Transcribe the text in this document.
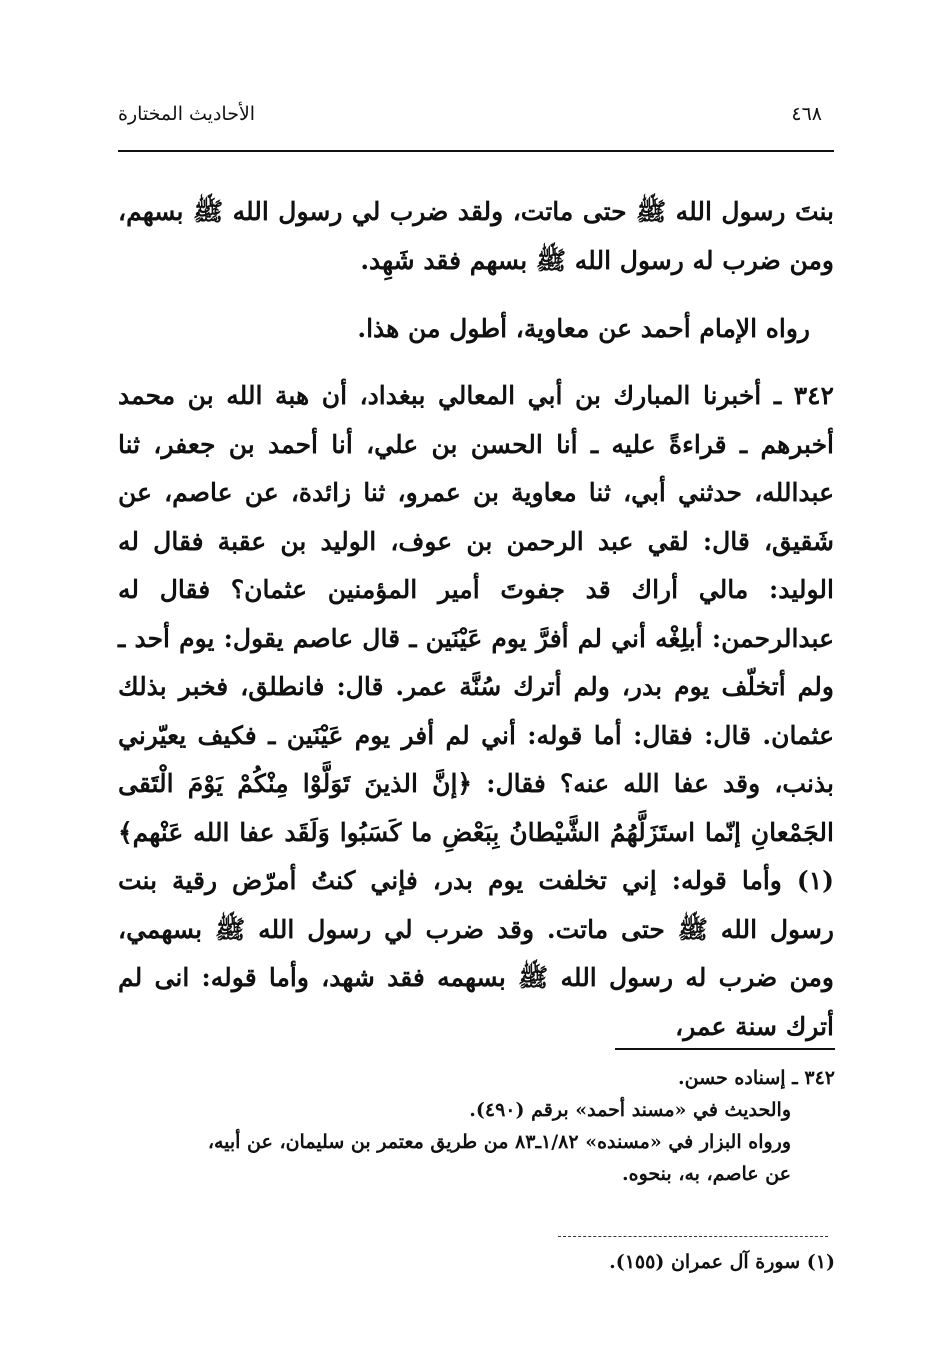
٤٦٨
الأحاديث المختارة
بنتَ رسول الله ﷺ حتى ماتت، ولقد ضرب لي رسول الله ﷺ بسهم، ومن ضرب له رسول الله ﷺ بسهم فقد شَهِد.
رواه الإمام أحمد عن معاوية، أطول من هذا.
٣٤٢ ـ أخبرنا المبارك بن أبي المعالي ببغداد، أن هبة الله بن محمد أخبرهم ـ قراءةً عليه ـ أنا الحسن بن علي، أنا أحمد بن جعفر، ثنا عبدالله، حدثني أبي، ثنا معاوية بن عمرو، ثنا زائدة، عن عاصم، عن شَقيق، قال: لقي عبد الرحمن بن عوف، الوليد بن عقبة فقال له الوليد: مالي أراك قد جفوتَ أمير المؤمنين عثمان؟ فقال له عبدالرحمن: أبلِغْه أني لم أفرَّ يوم عَيْنَين ـ قال عاصم يقول: يوم أحد ـ ولم أتخلّف يوم بدر، ولم أترك سُنَّة عمر. قال: فانطلق، فخبر بذلك عثمان. قال: فقال: أما قوله: أني لم أفر يوم عَيْنَين ـ فكيف يعيّرني بذنب، وقد عفا الله عنه؟ فقال: ﴿إنَّ الذينَ تَوَلَّوْا مِنْكُمْ يَوْمَ الْتَقى الجَمْعانِ إنّما استَزَلَّهُمُ الشَّيْطانُ بِبَعْضِ ما كَسَبُوا وَلَقَد عفا الله عَنْهم﴾(١) وأما قوله: إني تخلفت يوم بدر، فإني كنتُ أمرّض رقية بنت رسول الله ﷺ حتى ماتت. وقد ضرب لي رسول الله ﷺ بسهمي، ومن ضرب له رسول الله ﷺ بسهمه فقد شهد، وأما قوله: انى لم أترك سنة عمر،
٣٤٢ ـ إسناده حسن.
والحديث في «مسند أحمد» برقم (٤٩٠).
ورواه البزار في «مسنده» ١/٨٢ـ٨٣ من طريق معتمر بن سليمان، عن أبيه،
عن عاصم، به، بنحوه.
(١) سورة آل عمران (١٥٥).
